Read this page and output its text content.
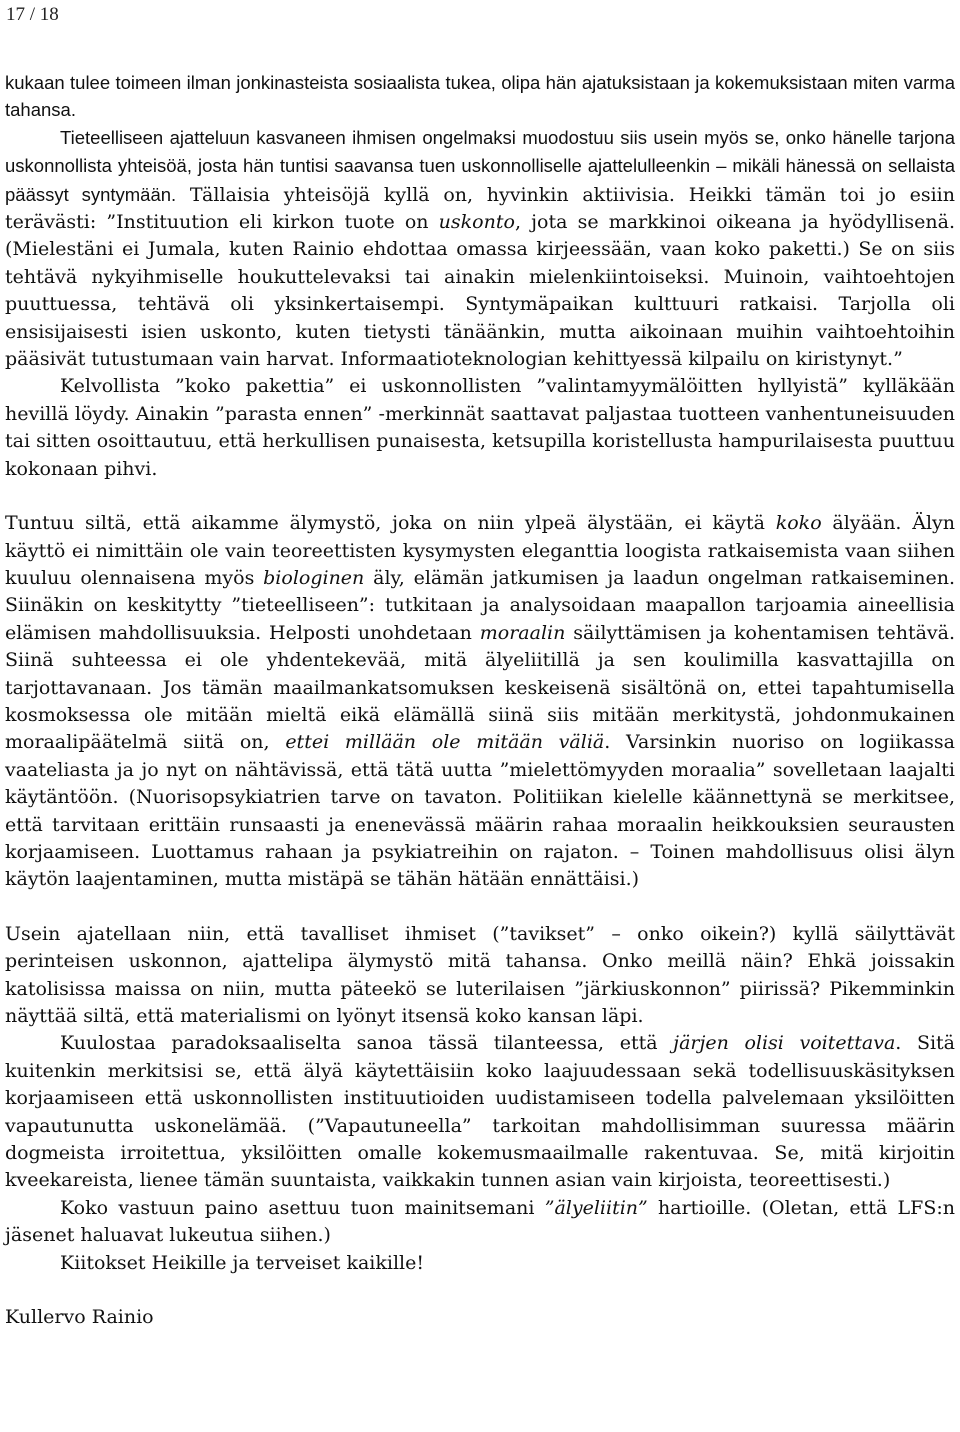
17 / 18

kukaan tulee toimeen ilman jonkinasteista sosiaalista tukea, olipa hän ajatuksistaan ja kokemuksistaan miten varma tahansa.

Tieteelliseen ajatteluun kasvaneen ihmisen ongelmaksi muodostuu siis usein myös se, onko hänelle tarjona uskonnollista yhteisöä, josta hän tuntisi saavansa tuen uskonnolliselle ajattelulleenkin – mikäli hänessä on sellaista päässyt syntymään. Tällaisia yhteisöjä kyllä on, hyvinkin aktiivisia. Heikki tämän toi jo esiin terävästi: ”Instituution eli kirkon tuote on uskonto, jota se markkinoi oikeana ja hyödyllisenä. (Mielestäni ei Jumala, kuten Rainio ehdottaa omassa kirjeessään, vaan koko paketti.) Se on siis tehtävä nykyihmiselle houkuttelevaksi tai ainakin mielenkiintoiseksi. Muinoin, vaihtoehtojen puuttuessa, tehtävä oli yksinkertaisempi. Syntymäpaikan kulttuuri ratkaisi. Tarjolla oli ensisijaisesti isien uskonto, kuten tietysti tänäänkin, mutta aikoinaan muihin vaihtoehtoihin pääsivät tutustumaan vain harvat. Informaatioteknologian kehittyessä kilpailu on kiristynyt.”

Kelvollista ”koko pakettia” ei uskonnollisten ”valintamyymälöitten hyllyistä” kylläkään hevillä löydy. Ainakin ”parasta ennen” -merkinnät saattavat paljastaa tuotteen vanhentuneisuuden tai sitten osoittautuu, että herkullisen punaisesta, ketsupilla koristellusta hampurilaisesta puuttuu kokonaan pihvi.

Tuntuu siltä, että aikamme älymystö, joka on niin ylpeä älystään, ei käytä koko älyään. Älyn käyttö ei nimittäin ole vain teoreettisten kysymysten eleganttia loogista ratkaisemista vaan siihen kuuluu olennaisena myös biologinen äly, elämän jatkumisen ja laadun ongelman ratkaiseminen. Siinäkin on keskitytty ”tieteelliseen”: tutkitaan ja analysoidaan maapallon tarjoamia aineellisia elämisen mahdollisuuksia. Helposti unohdetaan moraalin säilyttämisen ja kohentamisen tehtävä. Siinä suhteessa ei ole yhdentekevää, mitä älyeliitillä ja sen koulimilla kasvattajilla on tarjottavanaan. Jos tämän maailmankatsomuksen keskeisenä sisältönä on, ettei tapahtumisella kosmoksessa ole mitään mieltä eikä elämällä siinä siis mitään merkitystä, johdonmukainen moraalipäätelmä siitä on, ettei millään ole mitään väliä. Varsinkin nuoriso on logiikassa vaateliasta ja jo nyt on nähtävissä, että tätä uutta ”mielettömyyden moraalia” sovelletaan laajalti käytäntöön. (Nuorisopsykiatrien tarve on tavaton. Politiikan kielelle käännettynä se merkitsee, että tarvitaan erittäin runsaasti ja enenevässä määrin rahaa moraalin heikkouksien seurausten korjaamiseen. Luottamus rahaan ja psykiatreihin on rajaton. – Toinen mahdollisuus olisi älyn käytön laajentaminen, mutta mistäpä se tähän hätään ennättäisi.)

Usein ajatellaan niin, että tavalliset ihmiset (”tavikset” – onko oikein?) kyllä säilyttävät perinteisen uskonnon, ajattelipa älymystö mitä tahansa. Onko meillä näin? Ehkä joissakin katolisissa maissa on niin, mutta päteekö se luterilaisen ”järkiuskonnon” piirissä? Pikemminkin näyttää siltä, että materialismi on lyönyt itsensä koko kansan läpi.

Kuulostaa paradoksaaliselta sanoa tässä tilanteessa, että järjen olisi voitettava. Sitä kuitenkin merkitsisi se, että älyä käytettäisiin koko laajuudessaan sekä todellisuuskäsityksen korjaamiseen että uskonnollisten instituutioiden uudistamiseen todella palvelemaan yksilöitten vapautunutta uskonelämää. (”Vapautuneella” tarkoitan mahdollisimman suuressa määrin dogmeista irroitettua, yksilöitten omalle kokemusmaailmalle rakentuvaa. Se, mitä kirjoitin kveekareista, lienee tämän suuntaista, vaikkakin tunnen asian vain kirjoista, teoreettisesti.)

Koko vastuun paino asettuu tuon mainitsemani ”älyeliitin” hartioille. (Oletan, että LFS:n jäsenet haluavat lukeutua siihen.)

Kiitokset Heikille ja terveiset kaikille!

Kullervo Rainio
